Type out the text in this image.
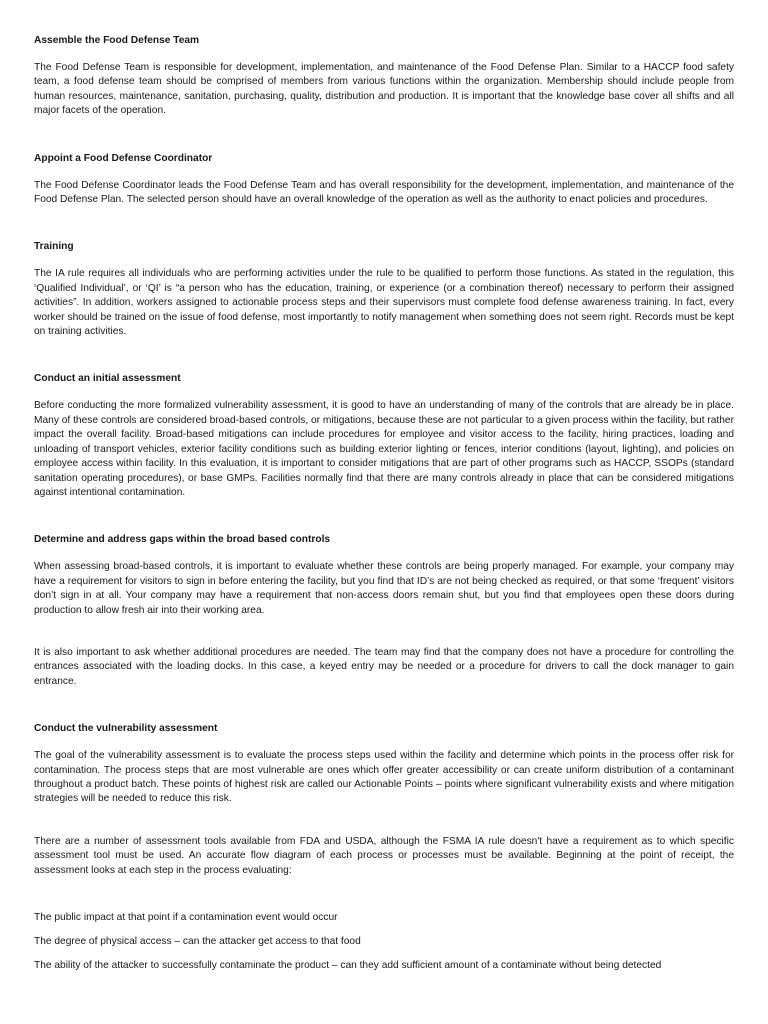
Assemble the Food Defense Team

The Food Defense Team is responsible for development, implementation, and maintenance of the Food Defense Plan. Similar to a HACCP food safety team, a food defense team should be comprised of members from various functions within the organization. Membership should include people from human resources, maintenance, sanitation, purchasing, quality, distribution and production. It is important that the knowledge base cover all shifts and all major facets of the operation.

Appoint a Food Defense Coordinator

The Food Defense Coordinator leads the Food Defense Team and has overall responsibility for the development, implementation, and maintenance of the Food Defense Plan. The selected person should have an overall knowledge of the operation as well as the authority to enact policies and procedures.

Training

The IA rule requires all individuals who are performing activities under the rule to be qualified to perform those functions. As stated in the regulation, this ‘Qualified Individual’, or ‘QI’ is “a person who has the education, training, or experience (or a combination thereof) necessary to perform their assigned activities”. In addition, workers assigned to actionable process steps and their supervisors must complete food defense awareness training. In fact, every worker should be trained on the issue of food defense, most importantly to notify management when something does not seem right. Records must be kept on training activities.

Conduct an initial assessment

Before conducting the more formalized vulnerability assessment, it is good to have an understanding of many of the controls that are already be in place. Many of these controls are considered broad-based controls, or mitigations, because these are not particular to a given process within the facility, but rather impact the overall facility. Broad-based mitigations can include procedures for employee and visitor access to the facility, hiring practices, loading and unloading of transport vehicles, exterior facility conditions such as building exterior lighting or fences, interior conditions (layout, lighting), and policies on employee access within facility. In this evaluation, it is important to consider mitigations that are part of other programs such as HACCP, SSOPs (standard sanitation operating procedures), or base GMPs. Facilities normally find that there are many controls already in place that can be considered mitigations against intentional contamination.

Determine and address gaps within the broad based controls

When assessing broad-based controls, it is important to evaluate whether these controls are being properly managed. For example, your company may have a requirement for visitors to sign in before entering the facility, but you find that ID’s are not being checked as required, or that some ‘frequent’ visitors don’t sign in at all. Your company may have a requirement that non-access doors remain shut, but you find that employees open these doors during production to allow fresh air into their working area.

It is also important to ask whether additional procedures are needed. The team may find that the company does not have a procedure for controlling the entrances associated with the loading docks. In this case, a keyed entry may be needed or a procedure for drivers to call the dock manager to gain entrance.

Conduct the vulnerability assessment

The goal of the vulnerability assessment is to evaluate the process steps used within the facility and determine which points in the process offer risk for contamination. The process steps that are most vulnerable are ones which offer greater accessibility or can create uniform distribution of a contaminant throughout a product batch. These points of highest risk are called our Actionable Points – points where significant vulnerability exists and where mitigation strategies will be needed to reduce this risk.

There are a number of assessment tools available from FDA and USDA, although the FSMA IA rule doesn't have a requirement as to which specific assessment tool must be used. An accurate flow diagram of each process or processes must be available. Beginning at the point of receipt, the assessment looks at each step in the process evaluating:

The public impact at that point if a contamination event would occur
The degree of physical access – can the attacker get access to that food
The ability of the attacker to successfully contaminate the product – can they add sufficient amount of a contaminate without being detected
